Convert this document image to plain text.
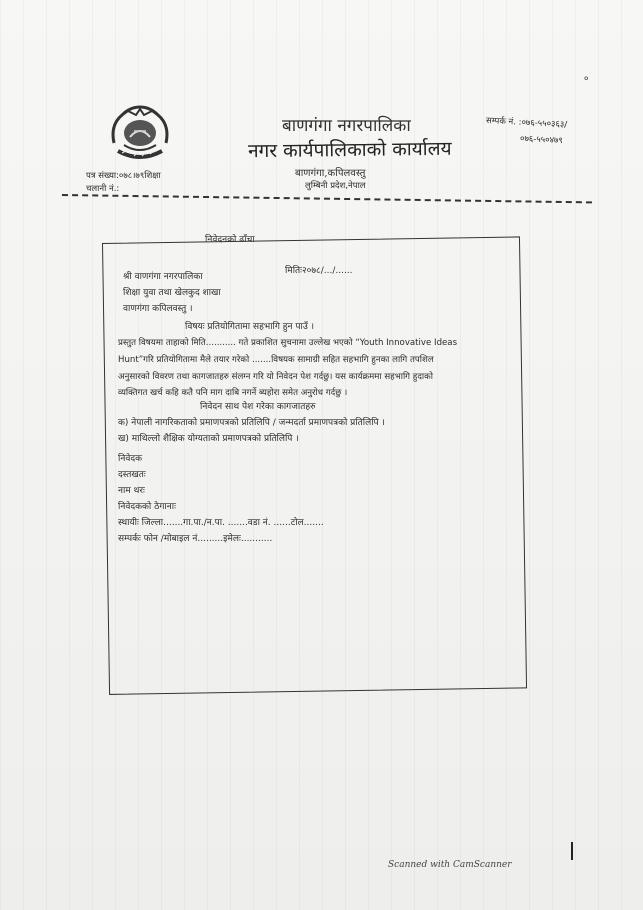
बाणगंगा नगरपालिका
नगर कार्यपालिकाको कार्यालय
बाणगंगा,कपिलवस्तु
लुम्बिनी प्रदेश,नेपाल
०
सम्पर्क नं. :०७६-५५०३६३/
०७६-५५०४७९
पत्र संख्या:०७८।७९शिक्षा
चलानी नं.:
निवेदनको ढाँचा
मितिः२०७८/.../......
श्री वाणगंगा नगरपालिका
शिक्षा युवा तथा खेलकुद शाखा
वाणगंगा कपिलवस्तु ।
विषयः प्रतियोगितामा सहभागि हुन पाउँ ।
प्रस्तुत विषयमा ताहाको मिति........... गते प्रकाशित सुचनामा उल्लेख भएको “Youth Innovative Ideas
Hunt”गरि प्रतियोगितामा मैले तयार गरेको .......विषयक सामाग्री सहित सहभागि हुनका लागि तपशिल
अनुसारको विवरण तथा कागजातहरु संलग्न गरि यो निवेदन पेश गर्दछु। यस कार्यक्रममा सहभागि हुदाको
व्यक्तिगत खर्च कहि कतै पनि माग दाबि नगर्ने ब्यहोरा समेत अनुरोध गर्दछु ।
निवेदन साथ पेश गरेका कागजातहरु
क) नेपाली नागरिकताको प्रमाणपत्रको प्रतिलिपि / जन्मदर्ता प्रमाणपत्रको प्रतिलिपि ।
ख) माथिल्लो शैक्षिक योग्यताको प्रमाणपत्रको प्रतिलिपि ।
निवेदक
दस्तखतः
नाम थरः
निवेदकको ठेगानाः
स्थायीः जिल्ला.......गा.पा./न.पा. .......वडा नं. ......टोल.......
सम्पर्कः फोन /मोबाइल नं.........इमेलः...........
Scanned with CamScanner
